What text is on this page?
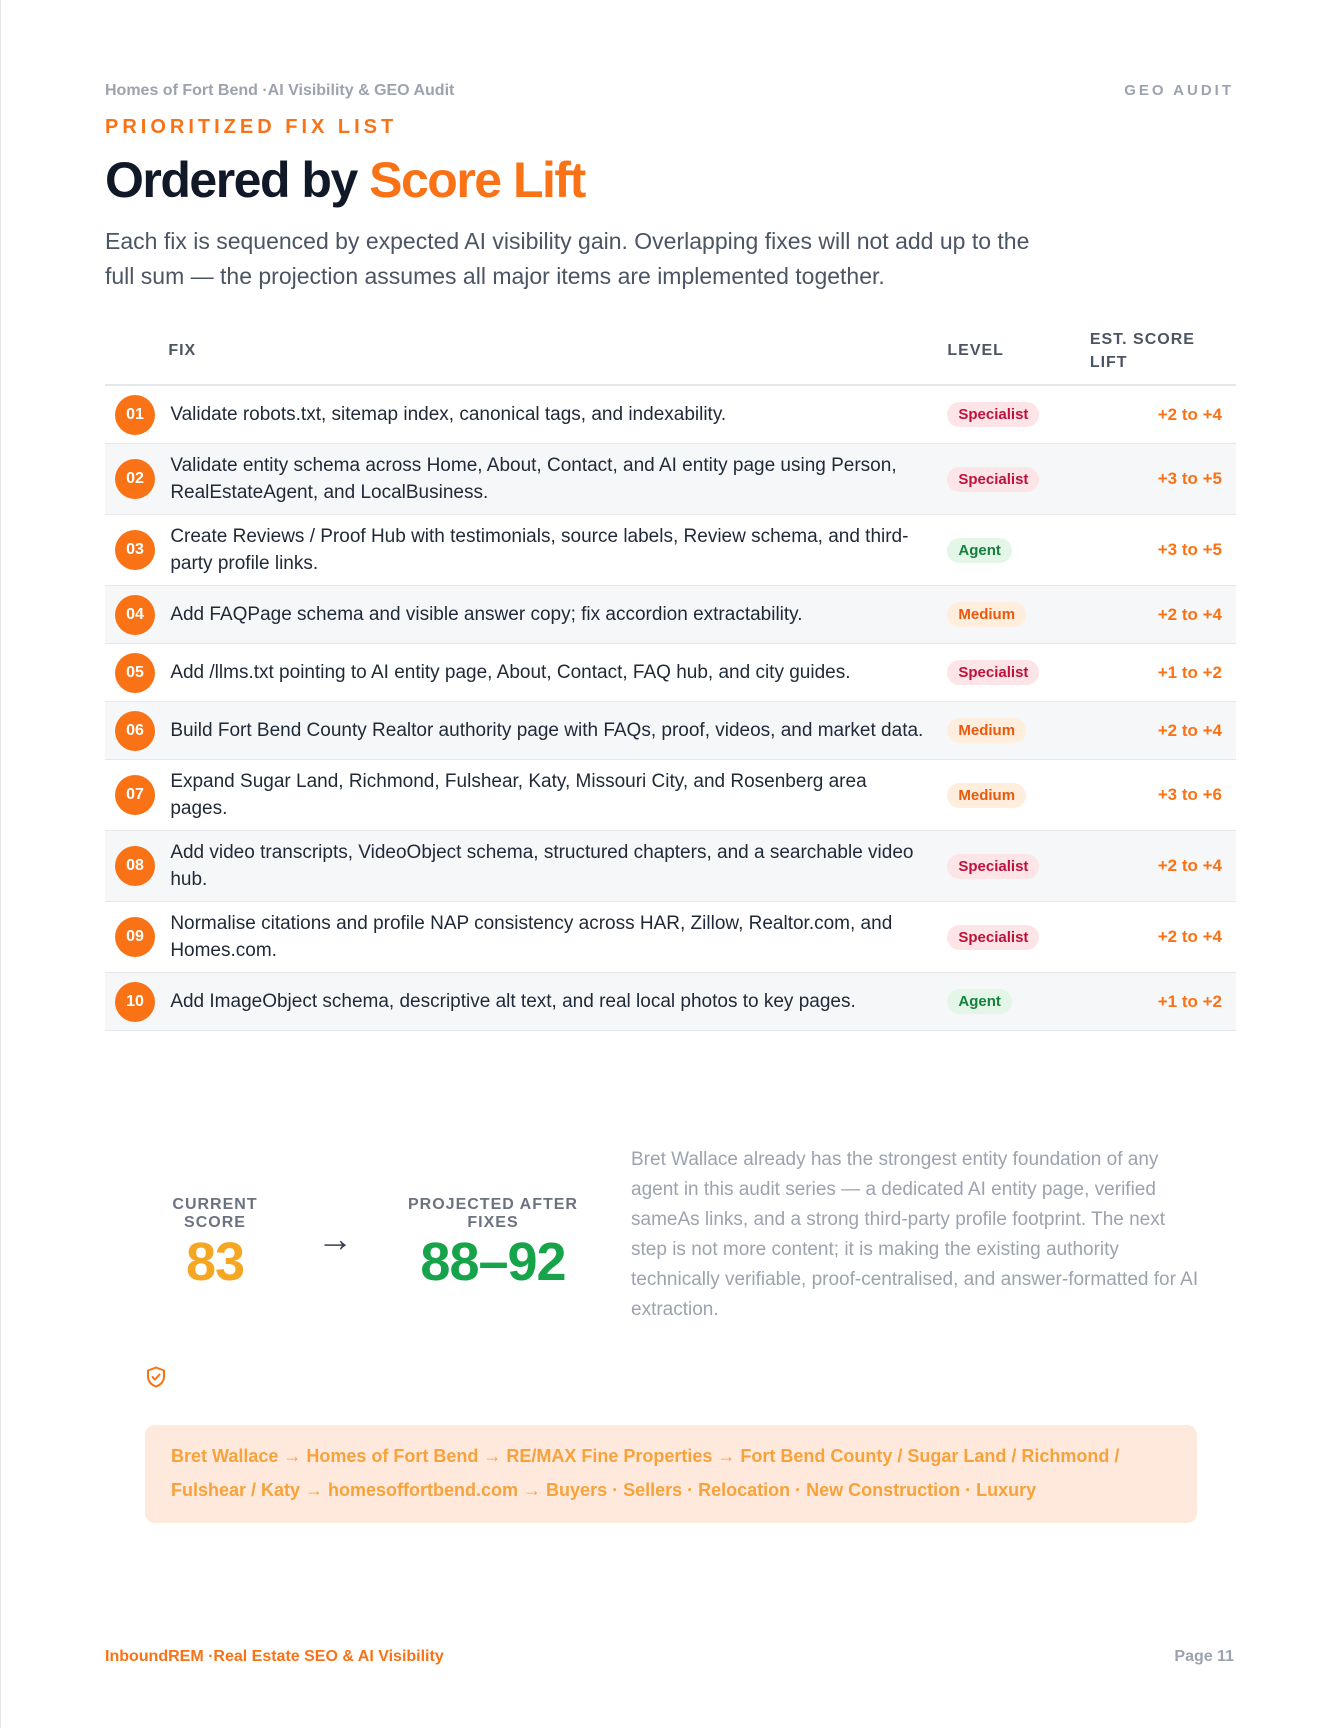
Homes of Fort Bend ·AI Visibility & GEO Audit	GEO AUDIT
PRIORITIZED FIX LIST
Ordered by Score Lift

Each fix is sequenced by expected AI visibility gain. Overlapping fixes will not add up to the full sum — the projection assumes all major items are implemented together.

	FIX	LEVEL	EST. SCORE LIFT

01	Validate robots.txt, sitemap index, canonical tags, and indexability.	Specialist	+2 to +4
02	Validate entity schema across Home, About, Contact, and AI entity page using Person, RealEstateAgent, and LocalBusiness.	Specialist	+3 to +5
03	Create Reviews / Proof Hub with testimonials, source labels, Review schema, and third-party profile links.	Agent	+3 to +5
04	Add FAQPage schema and visible answer copy; fix accordion extractability.	Medium	+2 to +4
05	Add /llms.txt pointing to AI entity page, About, Contact, FAQ hub, and city guides.	Specialist	+1 to +2
06	Build Fort Bend County Realtor authority page with FAQs, proof, videos, and market data.	Medium	+2 to +4
07	Expand Sugar Land, Richmond, Fulshear, Katy, Missouri City, and Rosenberg area pages.	Medium	+3 to +6
08	Add video transcripts, VideoObject schema, structured chapters, and a searchable video hub.	Specialist	+2 to +4
09	Normalise citations and profile NAP consistency across HAR, Zillow, Realtor.com, and Homes.com.	Specialist	+2 to +4
10	Add ImageObject schema, descriptive alt text, and real local photos to key pages.	Agent	+1 to +2
CURRENT SCORE
83	→
PROJECTED AFTER FIXES
88–92

Bret Wallace already has the strongest entity foundation of any agent in this audit series — a dedicated AI entity page, verified sameAs links, and a strong third-party profile footprint. The next step is not more content; it is making the existing authority technically verifiable, proof-centralised, and answer-formatted for AI extraction.

Bret Wallace → Homes of Fort Bend → RE/MAX Fine Properties → Fort Bend County / Sugar Land / Richmond / Fulshear / Katy → homesoffortbend.com → Buyers · Sellers · Relocation · New Construction · Luxury
InboundREM ·Real Estate SEO & AI Visibility	Page 11
